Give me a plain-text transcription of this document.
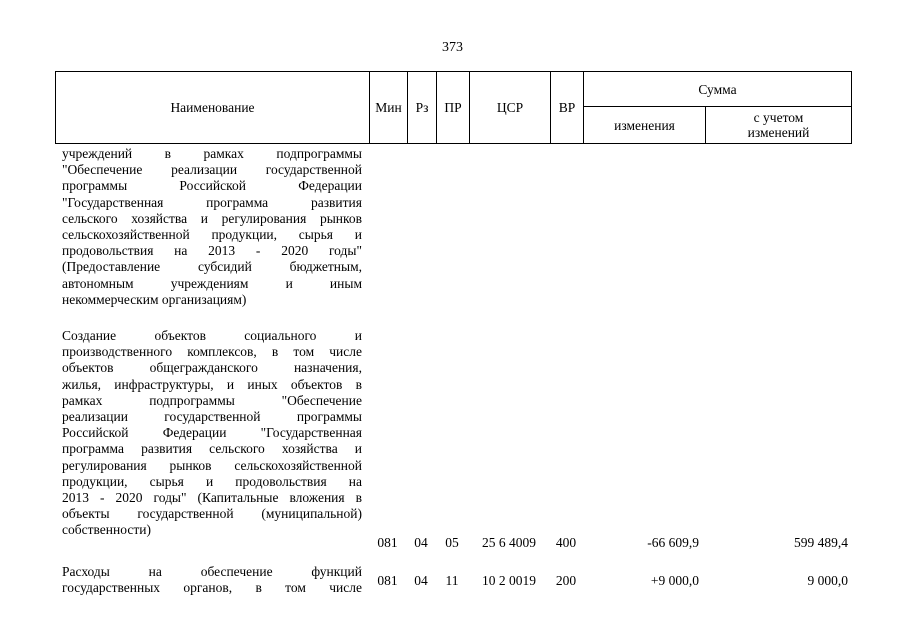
373
Наименование	Мин	Рз	ПР	ЦСР	ВР
Сумма
изменения	с учетом
изменений
учреждений в рамках подпрограммы
"Обеспечение реализации государственной
программы Российской Федерации
"Государственная программа развития
сельского хозяйства и регулирования рынков
сельскохозяйственной продукции, сырья и
продовольствия на 2013 - 2020 годы"
(Предоставление субсидий бюджетным,
автономным учреждениям и иным
некоммерческим организациям)
Создание объектов социального и
производственного комплексов, в том числе
объектов общегражданского назначения,
жилья, инфраструктуры, и иных объектов в
рамках подпрограммы "Обеспечение
реализации государственной программы
Российской Федерации "Государственная
программа развития сельского хозяйства и
регулирования рынков сельскохозяйственной
продукции, сырья и продовольствия на
2013 - 2020 годы" (Капитальные вложения в
объекты государственной (муниципальной)
собственности)
081	04	05	25 6 4009	400	-66 609,9	599 489,4
Расходы на обеспечение функций
государственных органов, в том числе	081	04	11	10 2 0019	200	+9 000,0	9 000,0
